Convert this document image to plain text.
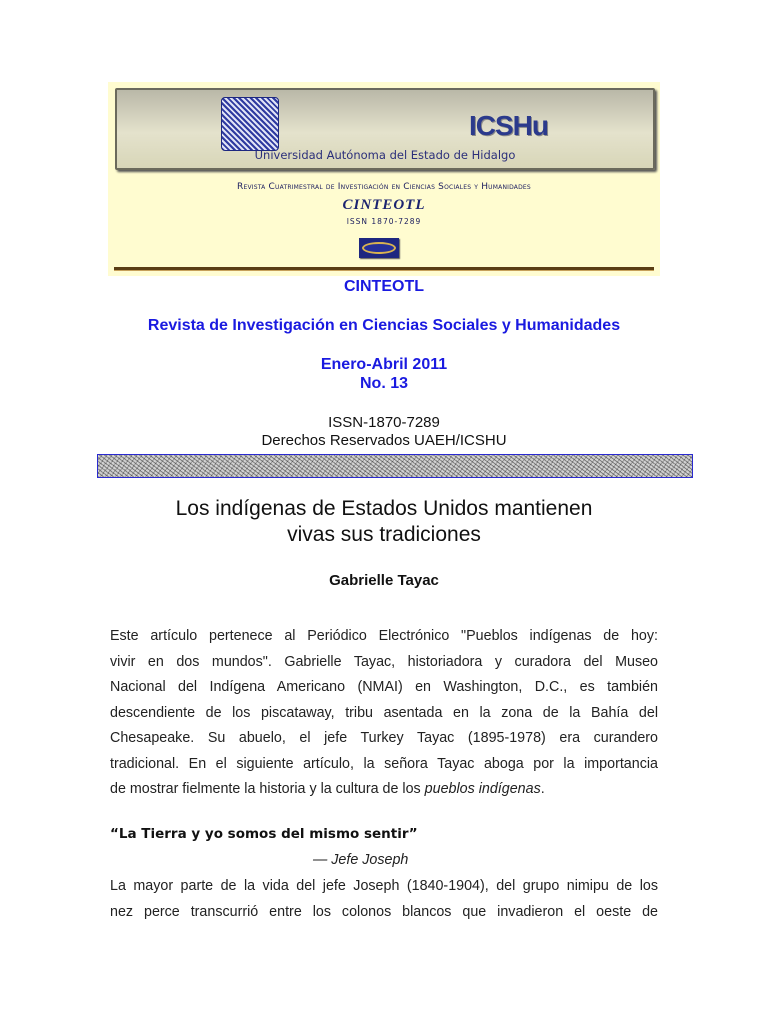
ICSHu
Universidad Autónoma del Estado de Hidalgo
Revista Cuatrimestral de Investigación en Ciencias Sociales y Humanidades
CINTEOTL
ISSN 1870-7289
CINTEOTL
Revista de Investigación en Ciencias Sociales y Humanidades
Enero-Abril 2011
No. 13
ISSN-1870-7289
Derechos Reservados UAEH/ICSHU
Los indígenas de Estados Unidos mantienen
vivas sus tradiciones
Gabrielle Tayac
Este artículo pertenece al Periódico Electrónico "Pueblos indígenas de hoy:
vivir en dos mundos". Gabrielle Tayac, historiadora y curadora del Museo
Nacional del Indígena Americano (NMAI) en Washington, D.C., es también
descendiente de los piscataway, tribu asentada en la zona de la Bahía del
Chesapeake. Su abuelo, el jefe Turkey Tayac (1895-1978) era curandero
tradicional. En el siguiente artículo, la señora Tayac aboga por la importancia
de mostrar fielmente la historia y la cultura de los pueblos indígenas.
“La Tierra y yo somos del mismo sentir”
— Jefe Joseph
La mayor parte de la vida del jefe Joseph (1840-1904), del grupo nimipu de los
nez perce transcurrió entre los colonos blancos que invadieron el oeste de
